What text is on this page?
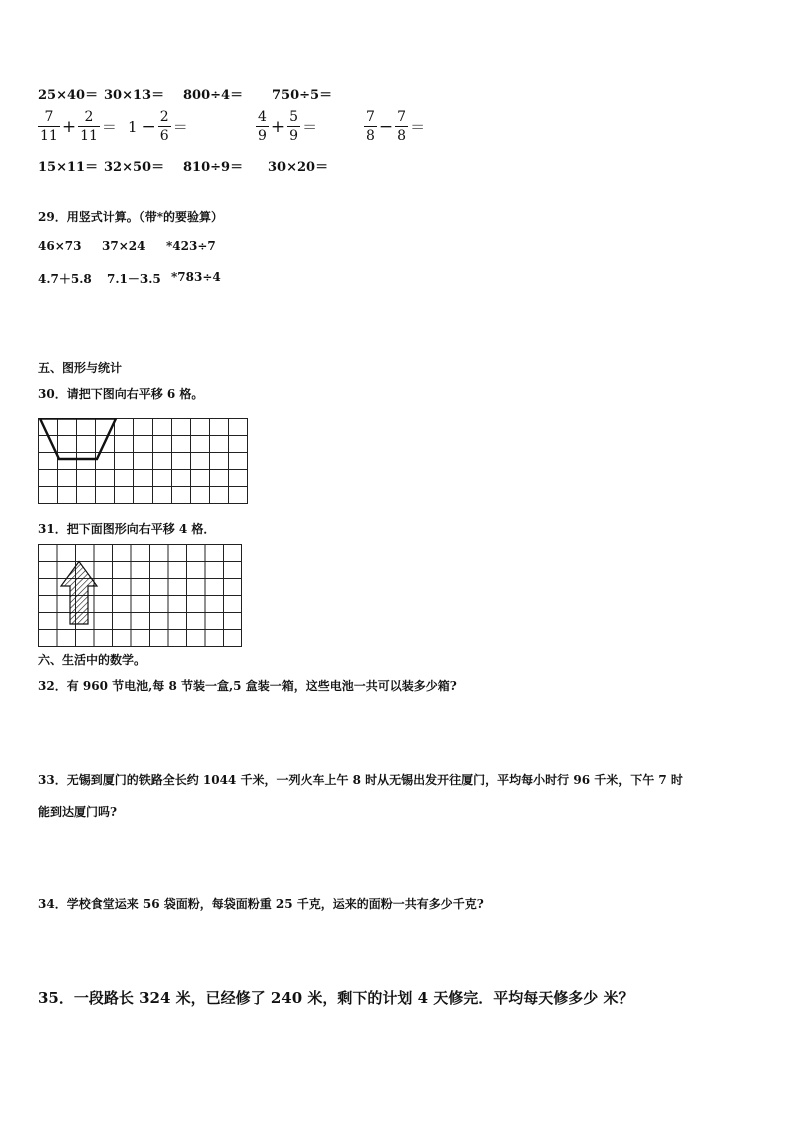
25×40＝ 30×13＝ 800÷4＝ 750÷5＝
$\frac{7}{11} + \frac{2}{11} = 1 - \frac{2}{6}$ ＝	$\frac{4}{9} + \frac{5}{9}$ ＝	$\frac{7}{8} - \frac{7}{8}$ ＝
15×11＝ 32×50＝ 810÷9＝ 30×20＝
29．用竖式计算。（带*的要验算）
46×73 37×24 *423÷7
4.7＋5.8 7.1－3.5 *783÷4
五、图形与统计
30．请把下图向右平移 6 格。
31．把下面图形向右平移 4 格．
六、生活中的数学。
32．有 960 节电池,每 8 节装一盒,5 盒装一箱，这些电池一共可以装多少箱?
33．无锡到厦门的铁路全长约 1044 千米，一列火车上午 8 时从无锡出发开往厦门，平均每小时行 96 千米，下午 7 时
能到达厦门吗?
34．学校食堂运来 56 袋面粉，每袋面粉重 25 千克，运来的面粉一共有多少千克?
35．一段路长 324 米，已经修了 240 米，剩下的计划 4 天修完．平均每天修多少 米？
